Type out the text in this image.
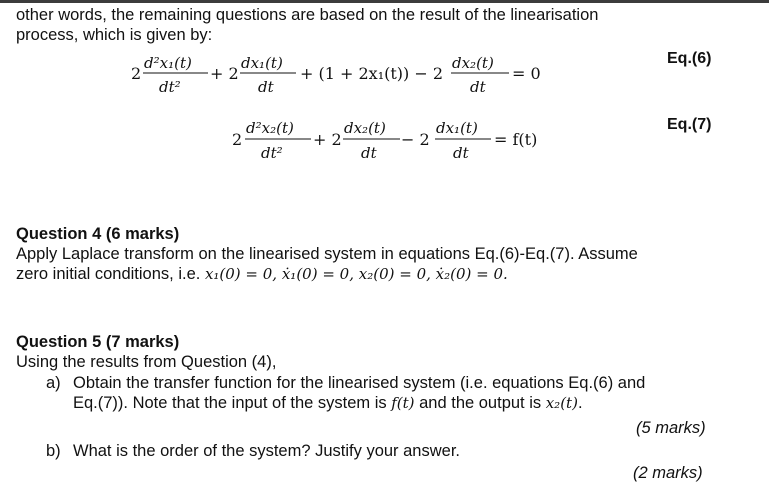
other words, the remaining questions are based on the result of the linearisation
process, which is given by:
2
d²x₁(t)
dt²
+ 2
dx₁(t)
dt
+ (1 + 2x₁(t)) − 2
dx₂(t)
dt
= 0
Eq.(6)
2
d²x₂(t)
dt²
+ 2
dx₂(t)
dt
− 2
dx₁(t)
dt
= f(t)
Eq.(7)
Question 4 (6 marks)
Apply Laplace transform on the linearised system in equations Eq.(6)-Eq.(7). Assume
zero initial conditions, i.e. x₁(0) = 0, ẋ₁(0) = 0, x₂(0) = 0, ẋ₂(0) = 0.
Question 5 (7 marks)
Using the results from Question (4),
a) Obtain the transfer function for the linearised system (i.e. equations Eq.(6) and
Eq.(7)). Note that the input of the system is f(t) and the output is x₂(t).
(5 marks)
b) What is the order of the system? Justify your answer.
(2 marks)
